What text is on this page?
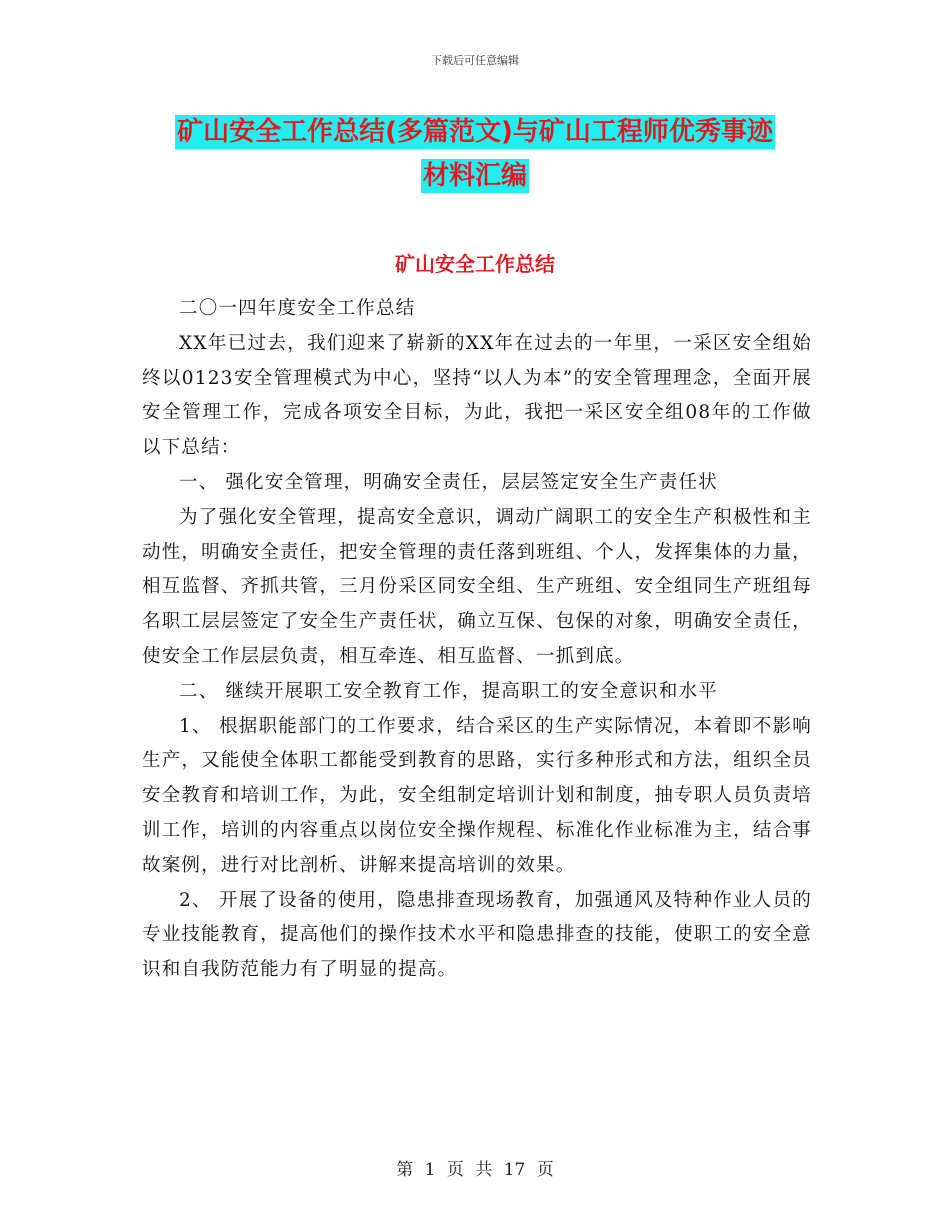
下载后可任意编辑
矿山安全工作总结(多篇范文)与矿山工程师优秀事迹
材料汇编
矿山安全工作总结

二〇一四年度安全工作总结

XX年已过去，我们迎来了崭新的XX年在过去的一年里，一采区安全组始终以0123安全管理模式为中心，坚持“以人为本”的安全管理理念，全面开展安全管理工作，完成各项安全目标，为此，我把一采区安全组08年的工作做以下总结：

一、 强化安全管理，明确安全责任，层层签定安全生产责任状

为了强化安全管理，提高安全意识，调动广阔职工的安全生产积极性和主动性，明确安全责任，把安全管理的责任落到班组、个人，发挥集体的力量，相互监督、齐抓共管，三月份采区同安全组、生产班组、安全组同生产班组每名职工层层签定了安全生产责任状，确立互保、包保的对象，明确安全责任，使安全工作层层负责，相互牵连、相互监督、一抓到底。

二、 继续开展职工安全教育工作，提高职工的安全意识和水平

1、 根据职能部门的工作要求，结合采区的生产实际情况，本着即不影响生产，又能使全体职工都能受到教育的思路，实行多种形式和方法，组织全员安全教育和培训工作，为此，安全组制定培训计划和制度，抽专职人员负责培训工作，培训的内容重点以岗位安全操作规程、标准化作业标准为主，结合事故案例，进行对比剖析、讲解来提高培训的效果。

2、 开展了设备的使用，隐患排查现场教育，加强通风及特种作业人员的专业技能教育，提高他们的操作技术水平和隐患排查的技能，使职工的安全意识和自我防范能力有了明显的提高。

第 1 页 共 17 页
